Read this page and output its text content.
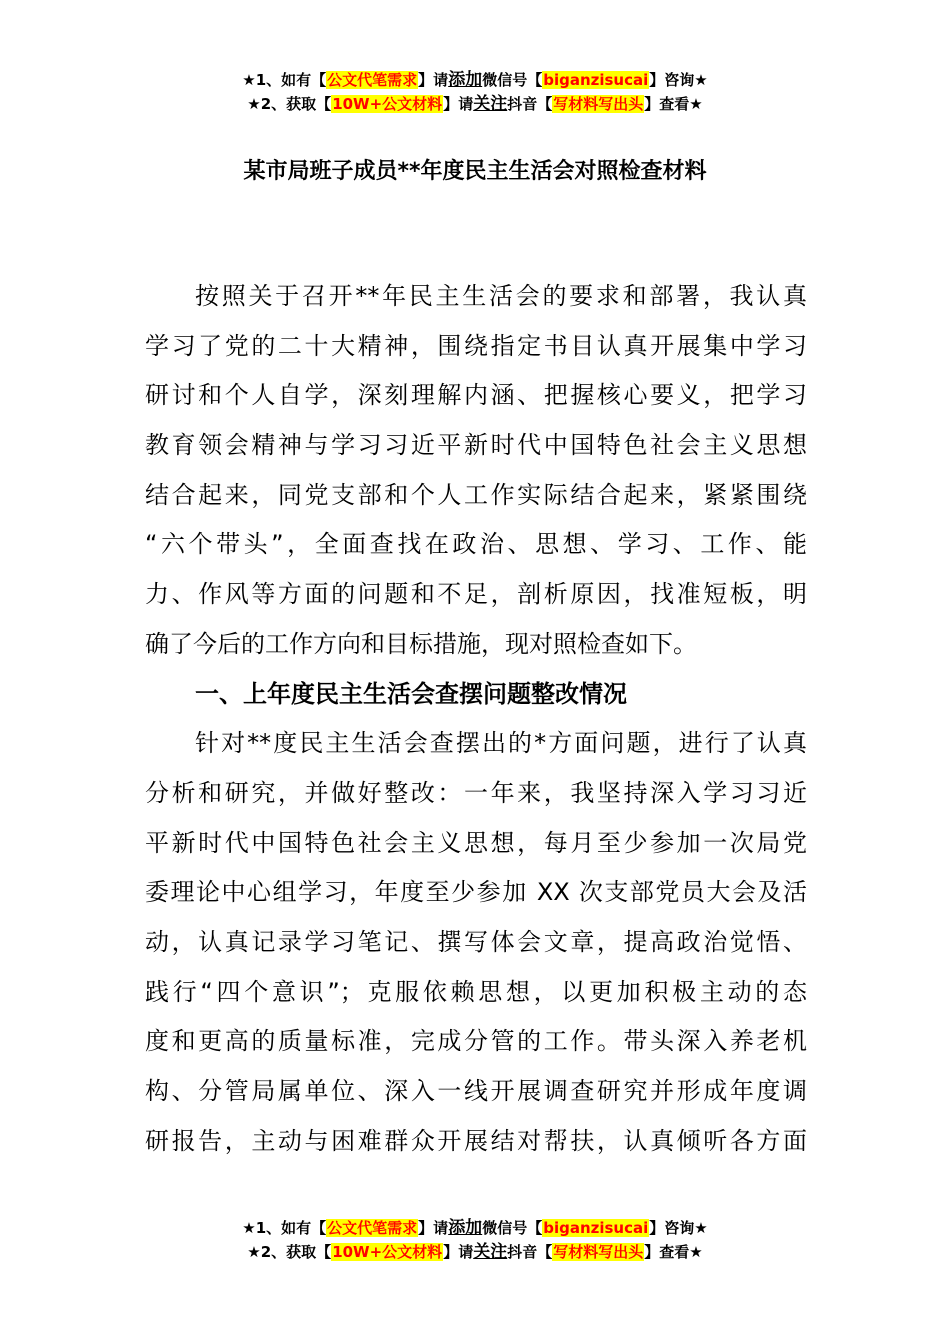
★1、如有【公文代笔需求】请添加微信号【biganzisucai】咨询★
★2、获取【10W+公文材料】请关注抖音【写材料写出头】查看★
某市局班子成员**年度民主生活会对照检查材料
按照关于召开**年民主生活会的要求和部署，我认真
学习了党的二十大精神，围绕指定书目认真开展集中学习
研讨和个人自学，深刻理解内涵、把握核心要义，把学习
教育领会精神与学习习近平新时代中国特色社会主义思想
结合起来，同党支部和个人工作实际结合起来，紧紧围绕
“六个带头”，全面查找在政治、思想、学习、工作、能
力、作风等方面的问题和不足，剖析原因，找准短板，明
确了今后的工作方向和目标措施，现对照检查如下。
一、上年度民主生活会查摆问题整改情况
针对**度民主生活会查摆出的*方面问题，进行了认真
分析和研究，并做好整改：一年来，我坚持深入学习习近
平新时代中国特色社会主义思想，每月至少参加一次局党
委理论中心组学习，年度至少参加 XX 次支部党员大会及活
动，认真记录学习笔记、撰写体会文章，提高政治觉悟、
践行“四个意识”；克服依赖思想，以更加积极主动的态
度和更高的质量标准，完成分管的工作。带头深入养老机
构、分管局属单位、深入一线开展调查研究并形成年度调
研报告，主动与困难群众开展结对帮扶，认真倾听各方面
★1、如有【公文代笔需求】请添加微信号【biganzisucai】咨询★
★2、获取【10W+公文材料】请关注抖音【写材料写出头】查看★
